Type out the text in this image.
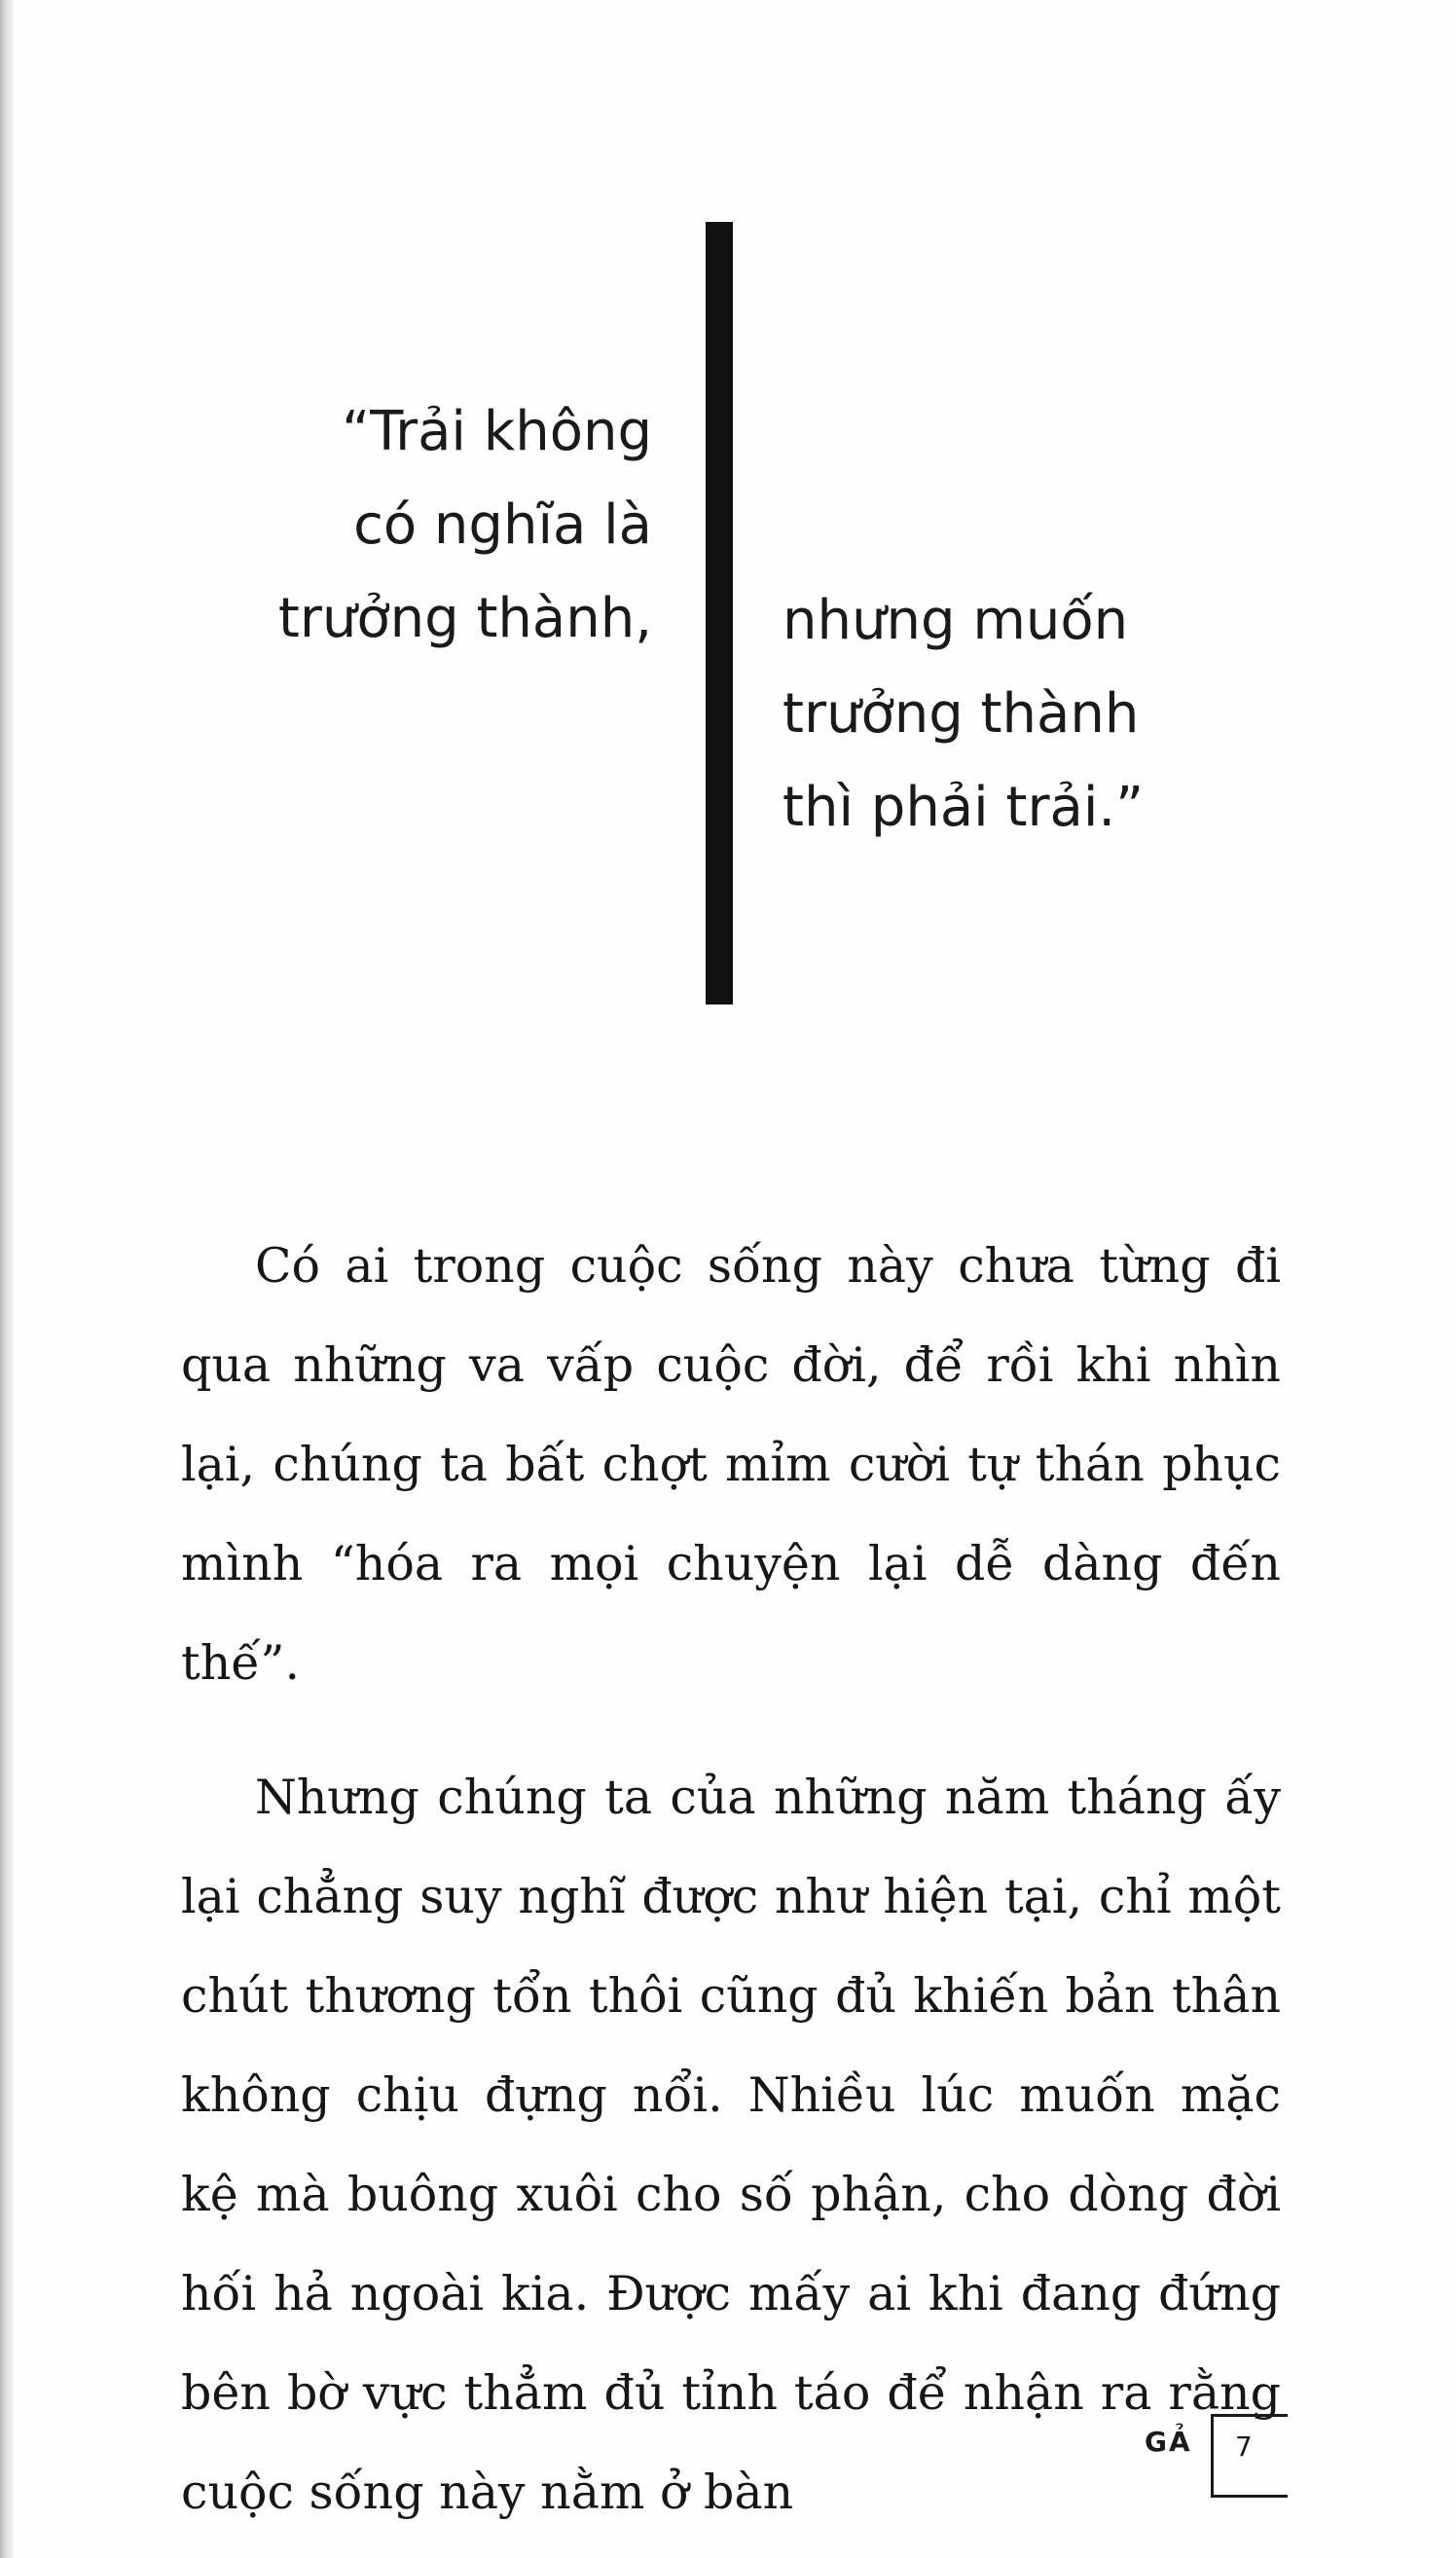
“Trải không
có nghĩa là
trưởng thành, nhưng muốn
trưởng thành
thì phải trải.”

Có ai trong cuộc sống này chưa từng đi qua những va vấp cuộc đời, để rồi khi nhìn lại, chúng ta bất chợt mỉm cười tự thán phục mình “hóa ra mọi chuyện lại dễ dàng đến thế”.

Nhưng chúng ta của những năm tháng ấy lại chẳng suy nghĩ được như hiện tại, chỉ một chút thương tổn thôi cũng đủ khiến bản thân không chịu đựng nổi. Nhiều lúc muốn mặc kệ mà buông xuôi cho số phận, cho dòng đời hối hả ngoài kia. Được mấy ai khi đang đứng bên bờ vực thẳm đủ tỉnh táo để nhận ra rằng cuộc sống này nằm ở bàn

GẢ 7
